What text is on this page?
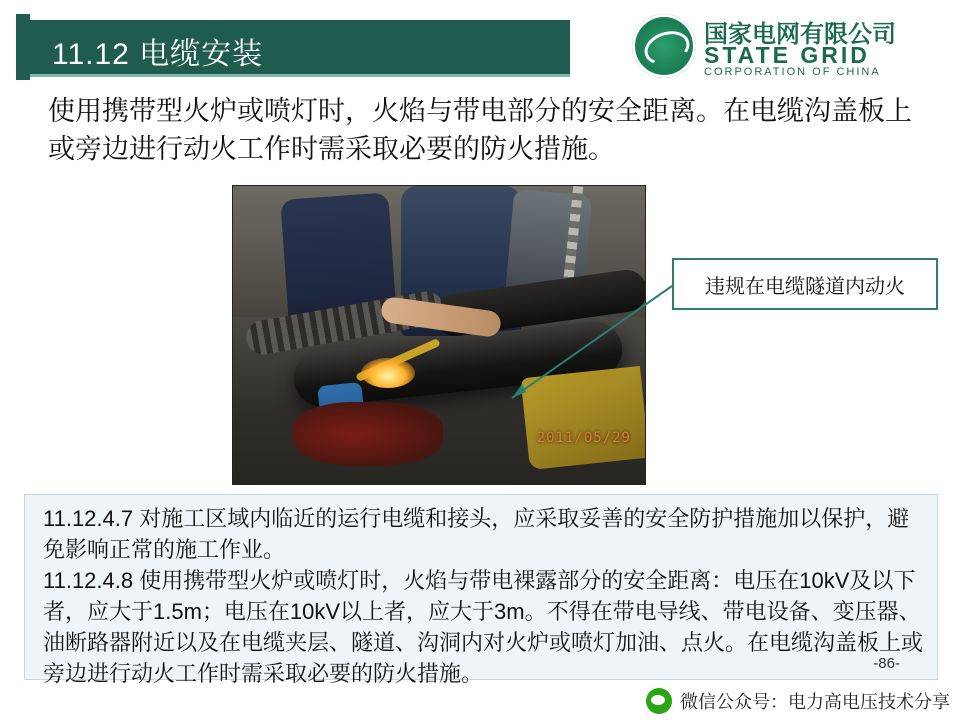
11.12 电缆安装
国家电网有限公司
STATE GRID
CORPORATION OF CHINA
使用携带型火炉或喷灯时，火焰与带电部分的安全距离。在电缆沟盖板上或旁边进行动火工作时需采取必要的防火措施。
2011/05/29
违规在电缆隧道内动火

11.12.4.7 对施工区域内临近的运行电缆和接头，应采取妥善的安全防护措施加以保护，避免影响正常的施工作业。

11.12.4.8 使用携带型火炉或喷灯时，火焰与带电裸露部分的安全距离：电压在10kV及以下者，应大于1.5m；电压在10kV以上者，应大于3m。不得在带电导线、带电设备、变压器、油断路器附近以及在电缆夹层、隧道、沟洞内对火炉或喷灯加油、点火。在电缆沟盖板上或旁边进行动火工作时需采取必要的防火措施。	-86-
微信公众号：电力高电压技术分享
